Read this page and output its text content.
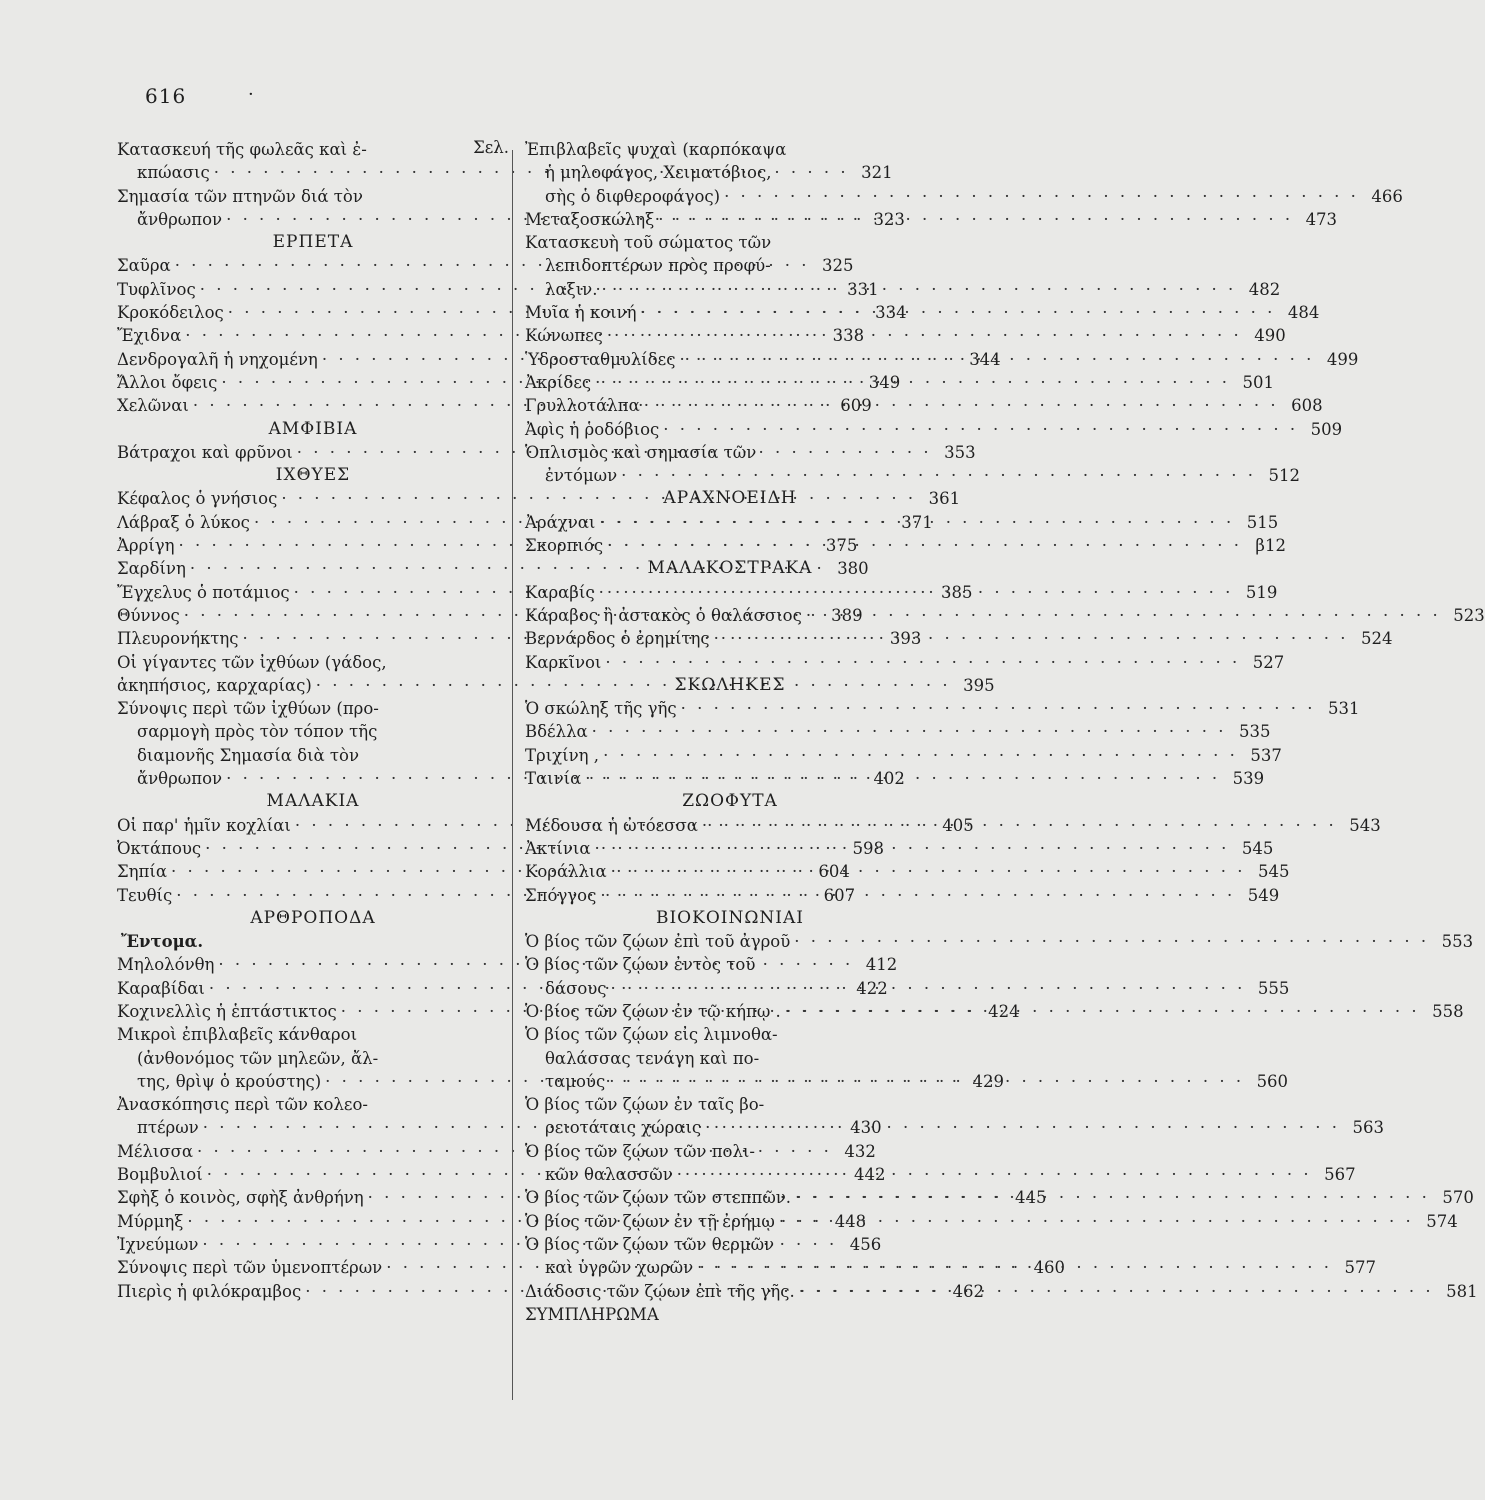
616	·
Σελ.
Κατασκευή τῆς φωλεᾶς καὶ ἐ-
κπώασις · · ·	321
Σημασία τῶν πτηνῶν διά τὸν
ἄνθρωπον · · ·	323
ΕΡΠΕΤΑ
Σαῦρα · · ·	325
Τυφλῖνος · · ·	331
Κροκόδειλος · · ·	334
Ἔχιδνα · · ·	338
Δενδρογαλῆ ἡ νηχομένη · · ·	344
Ἄλλοι ὄφεις · · ·	349
Χελῶναι · · ·	609
ΑΜΦΙΒΙΑ
Βάτραχοι καὶ φρῦνοι · · ·	353
ΙΧΘΥΕΣ
Κέφαλος ὁ γνήσιος · · ·	361
Λάβραξ ὁ λύκος · · ·	371
Ἀρρίγη · · ·	375
Σαρδίνη · · ·	380
Ἔγχελυς ὁ ποτάμιος · · ·	385
Θύννος · · ·	389
Πλευρονήκτης · · ·	393
Οἱ γίγαντες τῶν ἰχθύων (γάδος,
ἀκηπήσιος, καρχαρίας) · · ·	395
Σύνοψις περὶ τῶν ἰχθύων (προ-
σαρμογὴ πρὸς τὸν τόπον τῆς
διαμονῆς Σημασία διὰ τὸν
ἄνθρωπον · · ·	402
ΜΑΛΑΚΙΑ
Οἱ παρ' ἡμῖν κοχλίαι · · ·	405
Ὀκτάπους · · ·	598
Σηπία · · ·	604
Τευθίς · · ·	607
ΑΡΘΡΟΠΟΔΑ
Ἔντομα.
Μηλολόνθη · · ·	412
Καραβίδαι · · ·	422
Κοχινελλὶς ἡ ἑπτάστικτος · · ·	424
Μικροὶ ἐπιβλαβεῖς κάνθαροι
(ἀνθονόμος τῶν μηλεῶν, ἄλ-
της, θρὶψ ὁ κρούστης) · · ·	429
Ἀνασκόπησις περὶ τῶν κολεο-
πτέρων · · ·	430
Μέλισσα · · ·	432
Βομβυλιοί · · ·	442
Σφὴξ ὁ κοινὸς, σφὴξ ἀνθρήνη · · ·	445
Μύρμηξ · · ·	448
Ἰχνεύμων · · ·	456
Σύνοψις περὶ τῶν ὑμενοπτέρων · · ·	460
Πιερὶς ἡ φιλόκραμβος · · ·	462
Ἐπιβλαβεῖς ψυχαὶ (καρπόκαψα
ἡ μηλοφάγος, Χειματόβιος,
σὴς ὁ διφθεροφάγος) · · ·	466
Μεταξοσκώληξ · · ·	473
Κατασκευὴ τοῦ σώματος τῶν
λεπιδοπτέρων πρὸς προφύ-
λαξιν. · · ·	482
Μυῖα ἡ κοινή · · ·	484
Κώνωπες · · ·	490
Ὑδρoσταθμυλίδες · · ·	499
Ἀκρίδες · · ·	501
Γρυλλοτάλπα · · ·	608
Ἀφὶς ἡ ῥοδόβιος · · ·	509
Ὁπλισμὸς καὶ σημασία τῶν
ἐντόμων · · ·	512
ΑΡΑΧΝΟΕΙΔΗ
Ἀράχναι · · ·	515
Σκορπιός · · ·	β12
ΜΑΛΑΚΟΣΤΡΑΚΑ
Καραβίς · · ·	519
Κάραβος ἢ ἀστακὸς ὁ θαλάσσιος · · ·	523
Βερνάρδος ὁ ἐρημίτης · · ·	524
Καρκῖνοι · · ·	527
ΣΚΩΛΗΚΕΣ
Ὁ σκώληξ τῆς γῆς · · ·	531
Βδέλλα · · ·	535
Τριχίνη , · · ·	537
Ταινία · · ·	539
ΖΩΟΦΥΤΑ
Μέδουσα ἡ ὠτόεσσα · · ·	543
Ἀκτίνια · · ·	545
Κοράλλια · · ·	545
Σπόγγος · · ·	549
ΒΙΟΚΟΙΝΩΝΙΑΙ
Ὁ βίος τῶν ζῴων ἐπὶ τοῦ ἀγροῦ · · ·	553
Ὁ βίος τῶν ζῴων ἐντὸς τοῦ
δάσους · · ·	555
Ὁ βίος τῶν ζῴων ἐν τῷ κήπῳ . · · ·	558
Ὁ βίος τῶν ζῴων εἰς λιμνοθα-
θαλάσσας τενάγη καὶ πο-
ταμούς · · ·	560
Ὁ βίος τῶν ζῴων ἐν ταῖς βο-
ρειοτάταις χώραις · · ·	563
Ὁ βίος τῶν ζῴων τῶν πολι-
κῶν θαλασσῶν · · ·	567
Ὁ βίος τῶν ζῴων τῶν στεππῶν. · · ·	570
Ὁ βίος τῶν ζῴων ἐν τῇ ἐρήμῳ · · ·	574
Ὁ βίος τῶν ζῴων τῶν θερμῶν
καὶ ὑγρῶν χωρῶν · · ·	577
Διάδοσις τῶν ζῴων ἐπὶ τῆς γῆς. · · ·	581
ΣΥΜΠΛΗΡΩΜΑ
